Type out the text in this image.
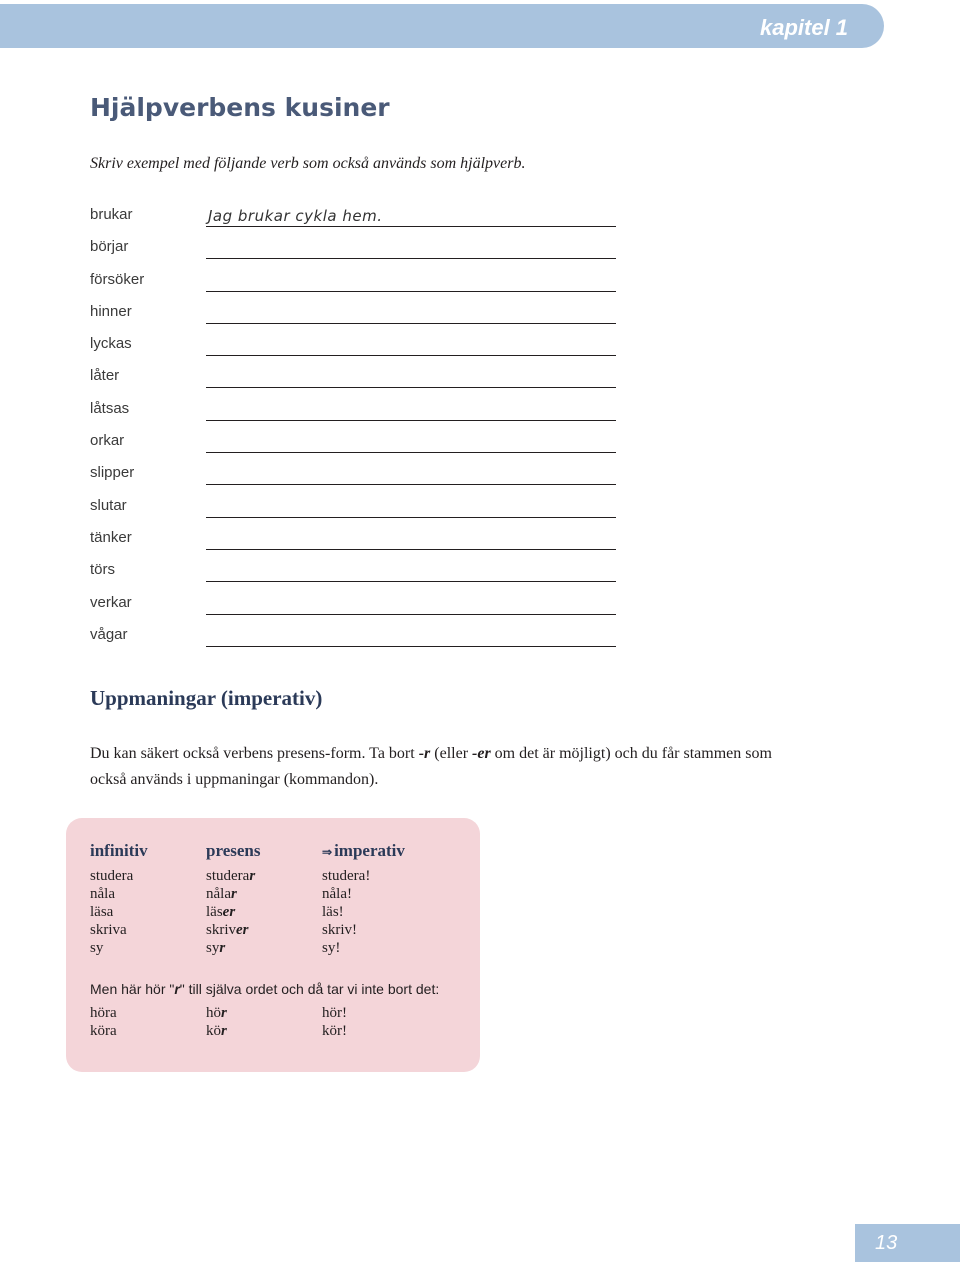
kapitel 1
Hjälpverbens kusiner

Skriv exempel med följande verb som också används som hjälpverb.

brukar	Jag brukar cykla hem.
börjar
försöker
hinner
lyckas
låter
låtsas
orkar
slipper
slutar
tänker
törs
verkar
vågar
Uppmaningar (imperativ)

Du kan säkert också verbens presens-form. Ta bort -r (eller -er om det är möjligt) och du får stammen som också används i uppmaningar (kommandon).

infinitiv	presens	⇒ imperativ
studera	studerar	studera!
nåla	nålar	nåla!
läsa	läser	läs!
skriva	skriver	skriv!
sy	syr	sy!
Men här hör "r" till själva ordet och då tar vi inte bort det:
höra	hör	hör!
köra	kör	kör!
13
